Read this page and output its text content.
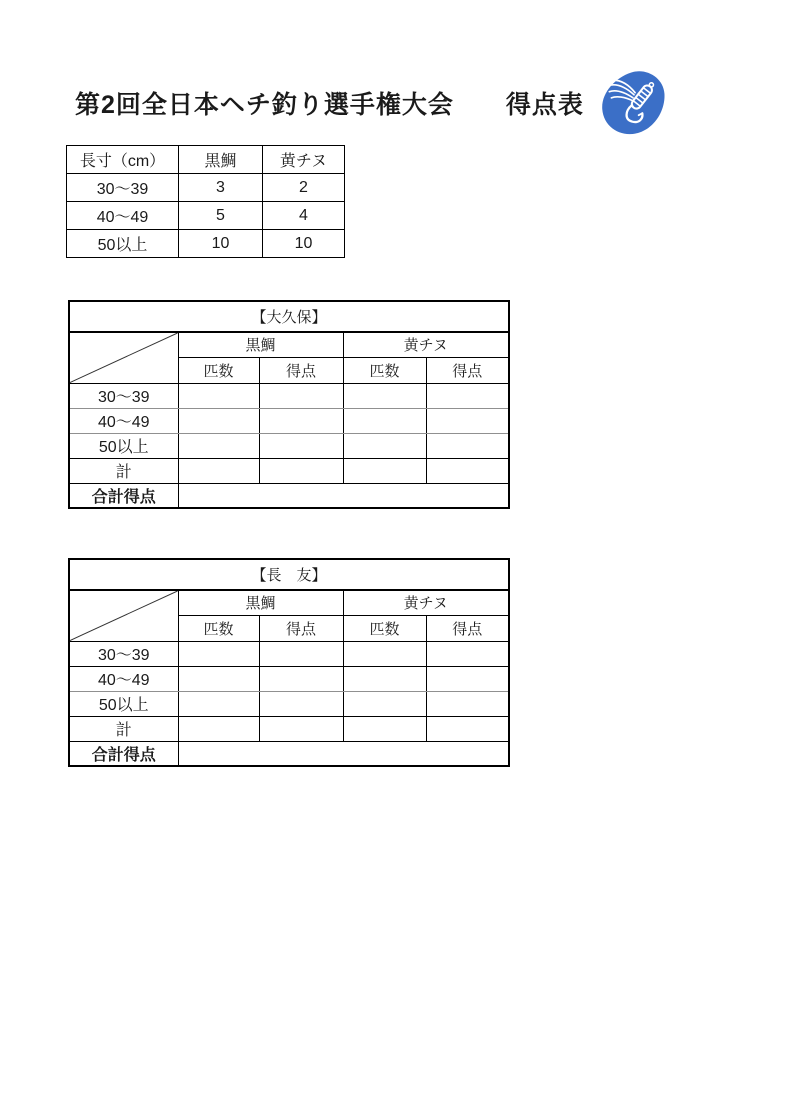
第2回全日本ヘチ釣り選手権大会　　得点表
長寸（cm）	黒鯛	黄チヌ
30～39	3	2
40～49	5	4
50以上	10	10
【大久保】				

	黒鯛		黄チヌ	
	匹数	得点	匹数	得点
30～39				
40～49				
50以上				
計				
合計得点				
【長　友】				

	黒鯛		黄チヌ	
	匹数	得点	匹数	得点
30～39				
40～49				
50以上				
計				
合計得点				
